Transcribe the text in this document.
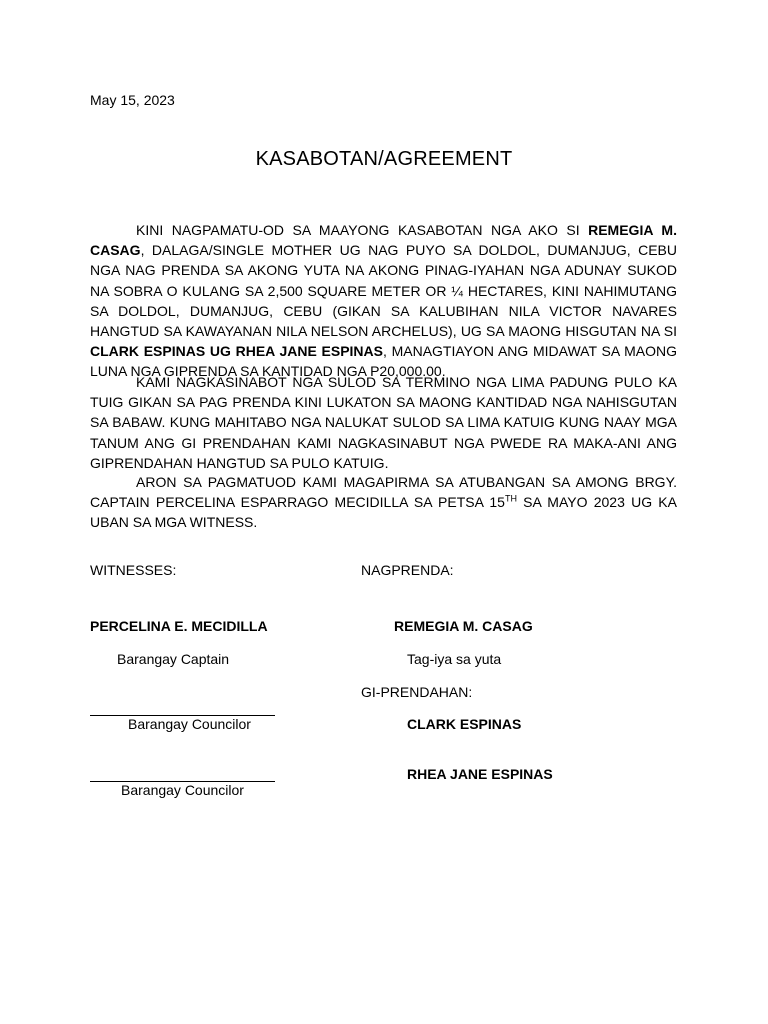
May 15, 2023
KASABOTAN/AGREEMENT

KINI NAGPAMATU-OD SA MAAYONG KASABOTAN NGA AKO SI REMEGIA M. CASAG, DALAGA/SINGLE MOTHER UG NAG PUYO SA DOLDOL, DUMANJUG, CEBU NGA NAG PRENDA SA AKONG YUTA NA AKONG PINAG-IYAHAN NGA ADUNAY SUKOD NA SOBRA O KULANG SA 2,500 SQUARE METER OR ¼ HECTARES, KINI NAHIMUTANG SA DOLDOL, DUMANJUG, CEBU (GIKAN SA KALUBIHAN NILA VICTOR NAVARES HANGTUD SA KAWAYANAN NILA NELSON ARCHELUS), UG SA MAONG HISGUTAN NA SI CLARK ESPINAS UG RHEA JANE ESPINAS, MANAGTIAYON ANG MIDAWAT SA MAONG LUNA NGA GIPRENDA SA KANTIDAD NGA P20,000.00.

KAMI NAGKASINABOT NGA SULOD SA TERMINO NGA LIMA PADUNG PULO KA TUIG GIKAN SA PAG PRENDA KINI LUKATON SA MAONG KANTIDAD NGA NAHISGUTAN SA BABAW. KUNG MAHITABO NGA NALUKAT SULOD SA LIMA KATUIG KUNG NAAY MGA TANUM ANG GI PRENDAHAN KAMI NAGKASINABUT NGA PWEDE RA MAKA-ANI ANG GIPRENDAHAN HANGTUD SA PULO KATUIG.

ARON SA PAGMATUOD KAMI MAGAPIRMA SA ATUBANGAN SA AMONG BRGY. CAPTAIN PERCELINA ESPARRAGO MECIDILLA SA PETSA 15TH SA MAYO 2023 UG KA UBAN SA MGA WITNESS.

WITNESSES:	NAGPRENDA:
PERCELINA E. MECIDILLA	REMEGIA M. CASAG
Barangay Captain	Tag-iya sa yuta
GI-PRENDAHAN:
Barangay Councilor	CLARK ESPINAS
RHEA JANE ESPINAS
Barangay Councilor
